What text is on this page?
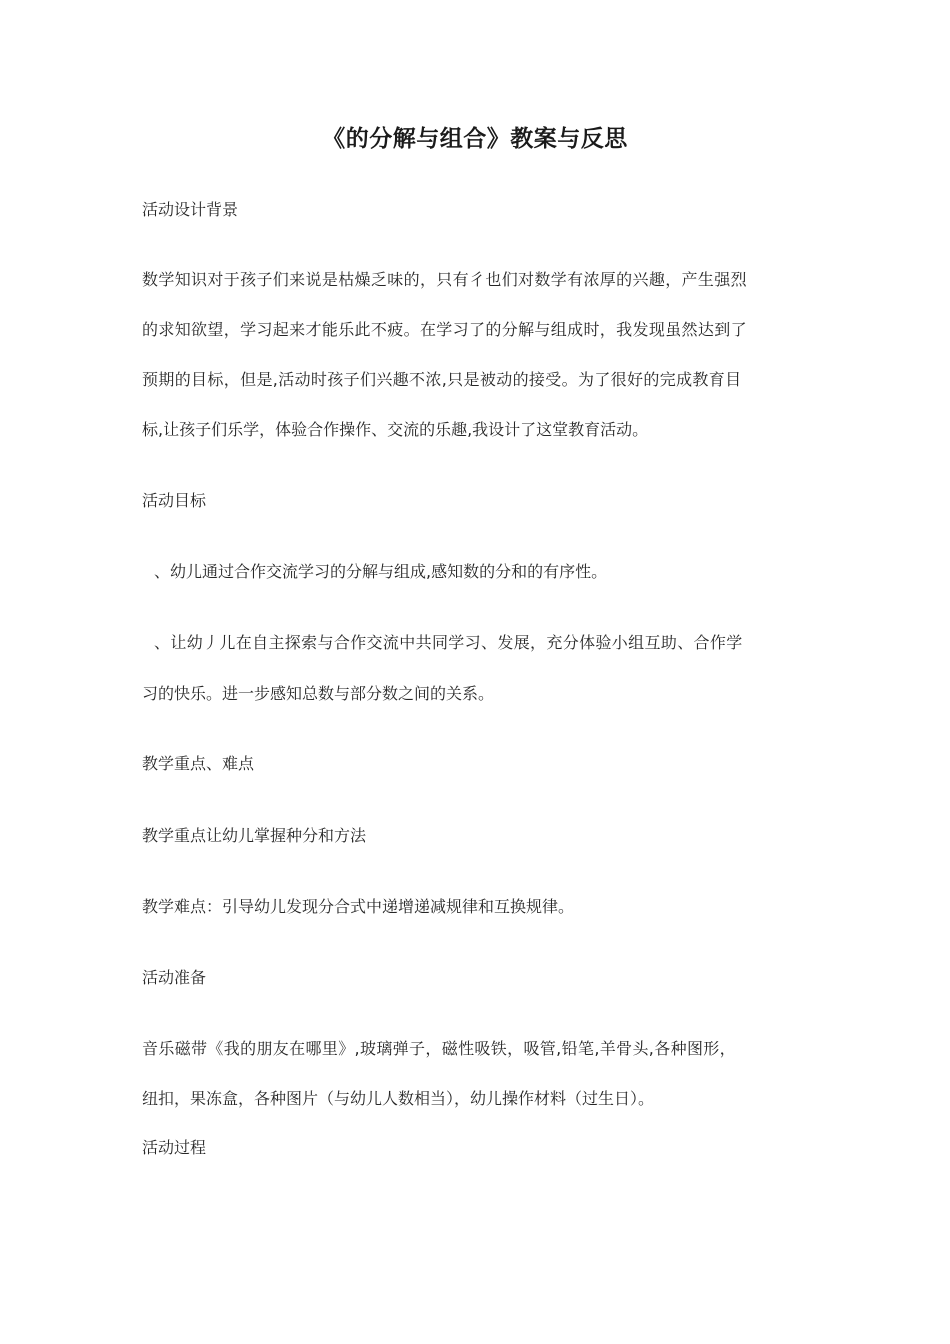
《的分解与组合》教案与反思
活动设计背景
数学知识对于孩子们来说是枯燥乏味的，只有彳也们对数学有浓厚的兴趣，产生强烈
的求知欲望，学习起来才能乐此不疲。在学习了的分解与组成时，我发现虽然达到了
预期的目标，但是,活动时孩子们兴趣不浓,只是被动的接受。为了很好的完成教育目
标,让孩子们乐学，体验合作操作、交流的乐趣,我设计了这堂教育活动。
活动目标
、幼儿通过合作交流学习的分解与组成,感知数的分和的有序性。
、让幼丿儿在自主探索与合作交流中共同学习、发展，充分体验小组互助、合作学
习的快乐。进一步感知总数与部分数之间的关系。
教学重点、难点
教学重点让幼儿掌握种分和方法
教学难点：引导幼儿发现分合式中递增递减规律和互换规律。
活动准备
音乐磁带《我的朋友在哪里》,玻璃弹子，磁性吸铁，吸管,铅笔,羊骨头,各种图形，
纽扣，果冻盒，各种图片（与幼儿人数相当），幼儿操作材料（过生日）。
活动过程
